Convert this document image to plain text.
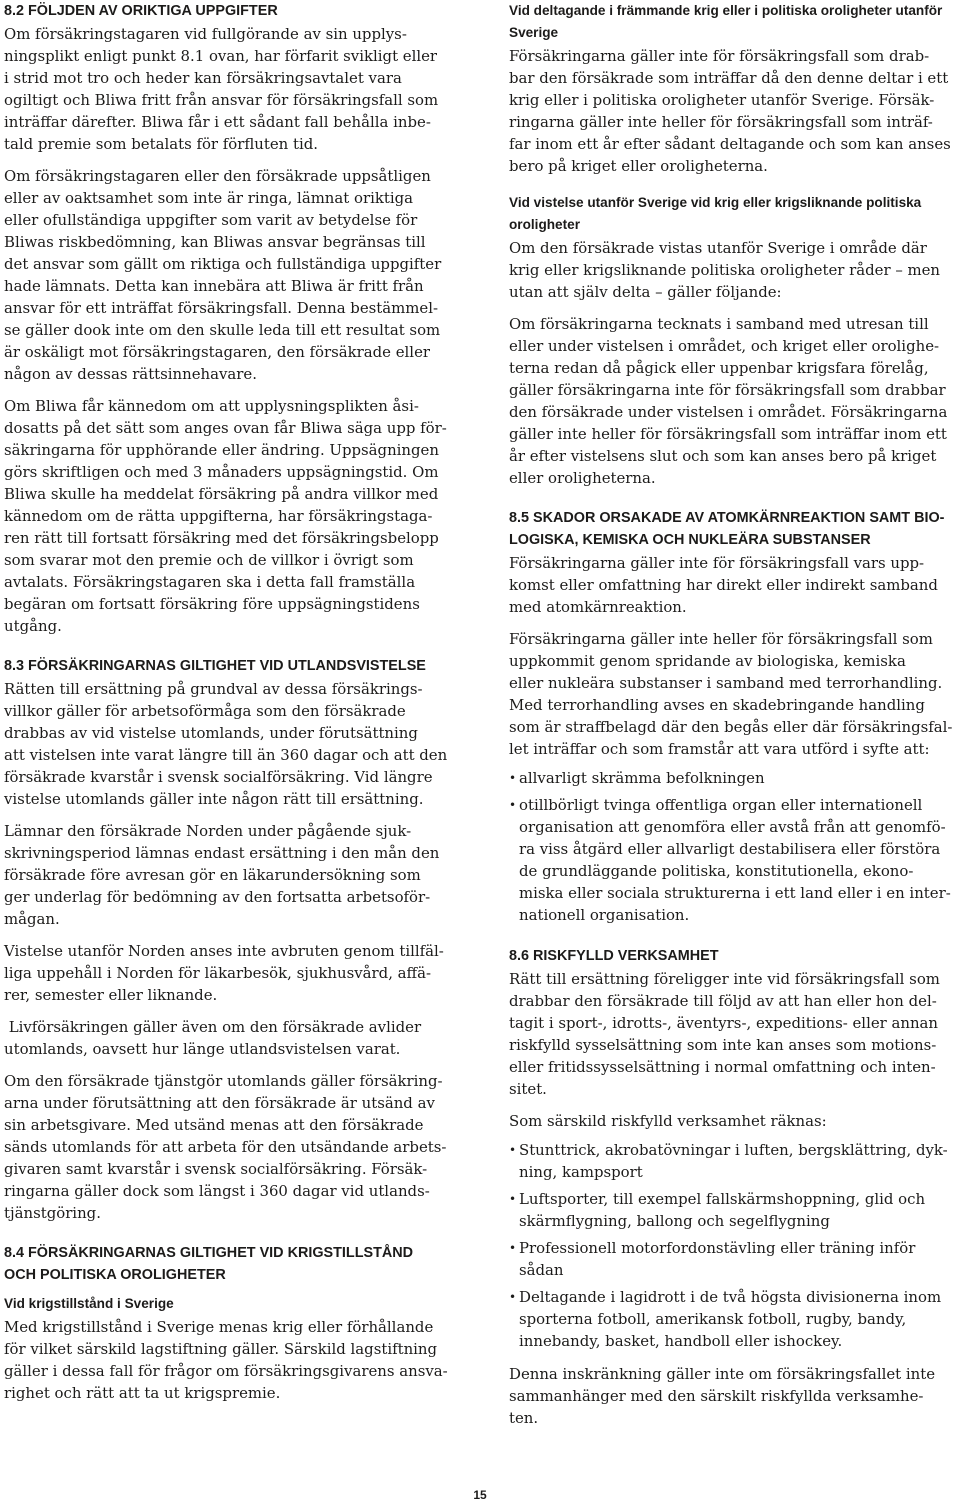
8.2 FÖLJDEN AV ORIKTIGA UPPGIFTER
Om försäkringstagaren vid fullgörande av sin upplys-
ningsplikt enligt punkt 8.1 ovan, har förfarit svikligt eller
i strid mot tro och heder kan försäkringsavtalet vara
ogiltigt och Bliwa fritt från ansvar för försäkringsfall som
inträffar därefter. Bliwa får i ett sådant fall behålla inbe-
tald premie som betalats för förfluten tid.
Om försäkringstagaren eller den försäkrade uppsåtligen
eller av oaktsamhet som inte är ringa, lämnat oriktiga
eller ofullständiga uppgifter som varit av betydelse för
Bliwas riskbedömning, kan Bliwas ansvar begränsas till
det ansvar som gällt om riktiga och fullständiga uppgifter
hade lämnats. Detta kan innebära att Bliwa är fritt från
ansvar för ett inträffat försäkringsfall. Denna bestämmel-
se gäller dook inte om den skulle leda till ett resultat som
är oskäligt mot försäkringstagaren, den försäkrade eller
någon av dessas rättsinnehavare.
Om Bliwa får kännedom om att upplysningsplikten åsi-
dosatts på det sätt som anges ovan får Bliwa säga upp för-
säkringarna för upphörande eller ändring. Uppsägningen
görs skriftligen och med 3 månaders uppsägningstid. Om
Bliwa skulle ha meddelat försäkring på andra villkor med
kännedom om de rätta uppgifterna, har försäkringstaga-
ren rätt till fortsatt försäkring med det försäkringsbelopp
som svarar mot den premie och de villkor i övrigt som
avtalats. Försäkringstagaren ska i detta fall framställa
begäran om fortsatt försäkring före uppsägningstidens
utgång.
8.3 FÖRSÄKRINGARNAS GILTIGHET VID UTLANDSVISTELSE
Rätten till ersättning på grundval av dessa försäkrings-
villkor gäller för arbetsoförmåga som den försäkrade
drabbas av vid vistelse utomlands, under förutsättning
att vistelsen inte varat längre till än 360 dagar och att den
försäkrade kvarstår i svensk socialförsäkring. Vid längre
vistelse utomlands gäller inte någon rätt till ersättning.
Lämnar den försäkrade Norden under pågående sjuk-
skrivningsperiod lämnas endast ersättning i den mån den
försäkrade före avresan gör en läkarundersökning som
ger underlag för bedömning av den fortsatta arbetsoför-
mågan.
Vistelse utanför Norden anses inte avbruten genom tillfäl-
liga uppehåll i Norden för läkarbesök, sjukhusvård, affä-
rer, semester eller liknande.
Livförsäkringen gäller även om den försäkrade avlider
utomlands, oavsett hur länge utlandsvistelsen varat.
Om den försäkrade tjänstgör utomlands gäller försäkring-
arna under förutsättning att den försäkrade är utsänd av
sin arbetsgivare. Med utsänd menas att den försäkrade
sänds utomlands för att arbeta för den utsändande arbets-
givaren samt kvarstår i svensk socialförsäkring. Försäk-
ringarna gäller dock som längst i 360 dagar vid utlands-
tjänstgöring.
8.4 FÖRSÄKRINGARNAS GILTIGHET VID KRIGSTILLSTÅND
OCH POLITISKA OROLIGHETER
Vid krigstillstånd i Sverige
Med krigstillstånd i Sverige menas krig eller förhållande
för vilket särskild lagstiftning gäller. Särskild lagstiftning
gäller i dessa fall för frågor om försäkringsgivarens ansva-
righet och rätt att ta ut krigspremie.
Vid deltagande i främmande krig eller i politiska oroligheter utanför
Sverige
Försäkringarna gäller inte för försäkringsfall som drab-
bar den försäkrade som inträffar då den denne deltar i ett
krig eller i politiska oroligheter utanför Sverige. Försäk-
ringarna gäller inte heller för försäkringsfall som inträf-
far inom ett år efter sådant deltagande och som kan anses
bero på kriget eller oroligheterna.
Vid vistelse utanför Sverige vid krig eller krigsliknande politiska
oroligheter
Om den försäkrade vistas utanför Sverige i område där
krig eller krigsliknande politiska oroligheter råder – men
utan att själv delta – gäller följande:
Om försäkringarna tecknats i samband med utresan till
eller under vistelsen i området, och kriget eller orolighe-
terna redan då pågick eller uppenbar krigsfara förelåg,
gäller försäkringarna inte för försäkringsfall som drabbar
den försäkrade under vistelsen i området. Försäkringarna
gäller inte heller för försäkringsfall som inträffar inom ett
år efter vistelsens slut och som kan anses bero på kriget
eller oroligheterna.
8.5 SKADOR ORSAKADE AV ATOMKÄRNREAKTION SAMT BIO-
LOGISKA, KEMISKA OCH NUKLEÄRA SUBSTANSER
Försäkringarna gäller inte för försäkringsfall vars upp-
komst eller omfattning har direkt eller indirekt samband
med atomkärnreaktion.
Försäkringarna gäller inte heller för försäkringsfall som
uppkommit genom spridande av biologiska, kemiska
eller nukleära substanser i samband med terrorhandling.
Med terrorhandling avses en skadebringande handling
som är straffbelagd där den begås eller där försäkringsfal-
let inträffar och som framstår att vara utförd i syfte att:
•
allvarligt skrämma befolkningen
•
otillbörligt tvinga offentliga organ eller internationell
organisation att genomföra eller avstå från att genomfö-
ra viss åtgärd eller allvarligt destabilisera eller förstöra
de grundläggande politiska, konstitutionella, ekono-
miska eller sociala strukturerna i ett land eller i en inter-
nationell organisation.
8.6 RISKFYLLD VERKSAMHET
Rätt till ersättning föreligger inte vid försäkringsfall som
drabbar den försäkrade till följd av att han eller hon del-
tagit i sport-, idrotts-, äventyrs-, expeditions- eller annan
riskfylld sysselsättning som inte kan anses som motions-
eller fritidssysselsättning i normal omfattning och inten-
sitet.
Som särskild riskfylld verksamhet räknas:
•
Stunttrick, akrobatövningar i luften, bergsklättring, dyk-
ning, kampsport
•
Luftsporter, till exempel fallskärmshoppning, glid och
skärmflygning, ballong och segelflygning
•
Professionell motorfordonstävling eller träning inför
sådan
•
Deltagande i lagidrott i de två högsta divisionerna inom
sporterna fotboll, amerikansk fotboll, rugby, bandy,
innebandy, basket, handboll eller ishockey.
Denna inskränkning gäller inte om försäkringsfallet inte
sammanhänger med den särskilt riskfyllda verksamhe-
ten.
15
